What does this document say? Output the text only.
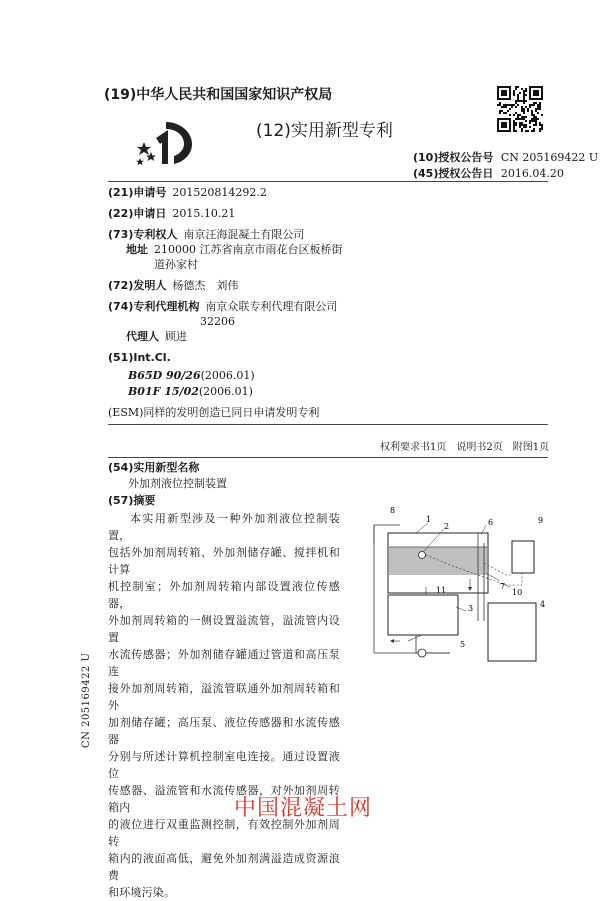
(19)中华人民共和国国家知识产权局
(12)实用新型专利
(10)授权公告号 CN 205169422 U
(45)授权公告日 2016.04.20
(21)申请号 201520814292.2
(22)申请日 2015.10.21
(73)专利权人 南京汪海混凝土有限公司
地址 210000 江苏省南京市雨花台区板桥街
道孙家村
(72)发明人 杨德杰　刘伟
(74)专利代理机构 南京众联专利代理有限公司
32206
代理人 顾进
(51)Int.Cl.
B65D 90/26(2006.01)
B01F 15/02(2006.01)
(ESM)同样的发明创造已同日申请发明专利
权利要求书1页　说明书2页　附图1页
(54)实用新型名称
外加剂液位控制装置
(57)摘要

本实用新型涉及一种外加剂液位控制装置，

包括外加剂周转箱、外加剂储存罐、搅拌机和计算

机控制室；外加剂周转箱内部设置液位传感器，

外加剂周转箱的一侧设置溢流管，溢流管内设置

水流传感器；外加剂储存罐通过管道和高压泵连

接外加剂周转箱，溢流管联通外加剂周转箱和外

加剂储存罐；高压泵、液位传感器和水流传感器

分别与所述计算机控制室电连接。通过设置液位

传感器、溢流管和水流传感器，对外加剂周转箱内

的液位进行双重监测控制，有效控制外加剂周转

箱内的液面高低，避免外加剂满溢造成资源浪费

和环境污染。

8
1
2	6	9
11
3
7
10
4
5
CN 205169422 U
中国混凝土网
